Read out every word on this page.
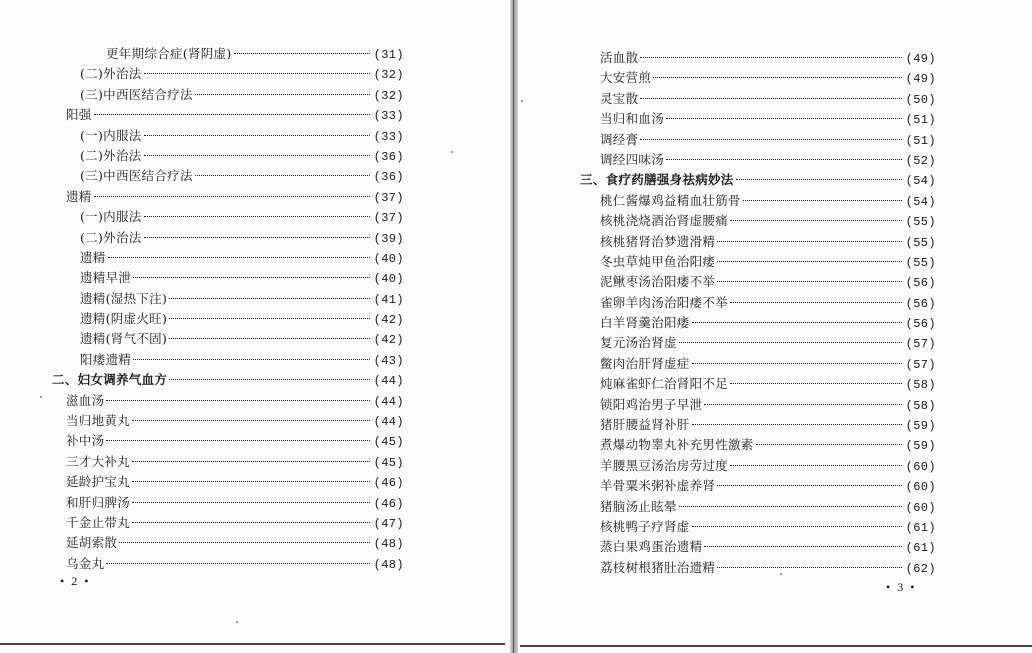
更年期综合症(肾阴虚)	(31)
(二)外治法	(32)
(三)中西医结合疗法	(32)
阳强	(33)
(一)内服法	(33)
(二)外治法	(36)
(三)中西医结合疗法	(36)
遗精	(37)
(一)内服法	(37)
(二)外治法	(39)
遗精	(40)
遗精早泄	(40)
遗精(湿热下注)	(41)
遗精(阴虚火旺)	(42)
遗精(肾气不固)	(42)
阳痿遗精	(43)
二、妇女调养气血方	(44)
滋血汤	(44)
当归地黄丸	(44)
补中汤	(45)
三才大补丸	(45)
延龄护宝丸	(46)
和肝归脾汤	(46)
千金止带丸	(47)
延胡索散	(48)
乌金丸	(48)
• 2 •
活血散	(49)
大安营煎	(49)
灵宝散	(50)
当归和血汤	(51)
调经膏	(51)
调经四味汤	(52)
三、食疗药膳强身祛病妙法	(54)
桃仁酱爆鸡益精血壮筋骨	(54)
核桃浇烧酒治肾虚腰痛	(55)
核桃猪肾治梦遗滑精	(55)
冬虫草炖甲鱼治阳痿	(55)
泥鳅枣汤治阳痿不举	(56)
雀卵羊肉汤治阳痿不举	(56)
白羊肾羹治阳痿	(56)
复元汤治肾虚	(57)
鳖肉治肝肾虚症	(57)
炖麻雀虾仁治肾阳不足	(58)
锁阳鸡治男子早泄	(58)
猪肝腰益肾补肝	(59)
煮爆动物睾丸补充男性激素	(59)
羊腰黑豆汤治房劳过度	(60)
羊骨粟米粥补虚养肾	(60)
猪脑汤止眩晕	(60)
核桃鸭子疗肾虚	(61)
蒸白果鸡蛋治遗精	(61)
荔枝树根猪肚治遗精	(62)
• 3 •
